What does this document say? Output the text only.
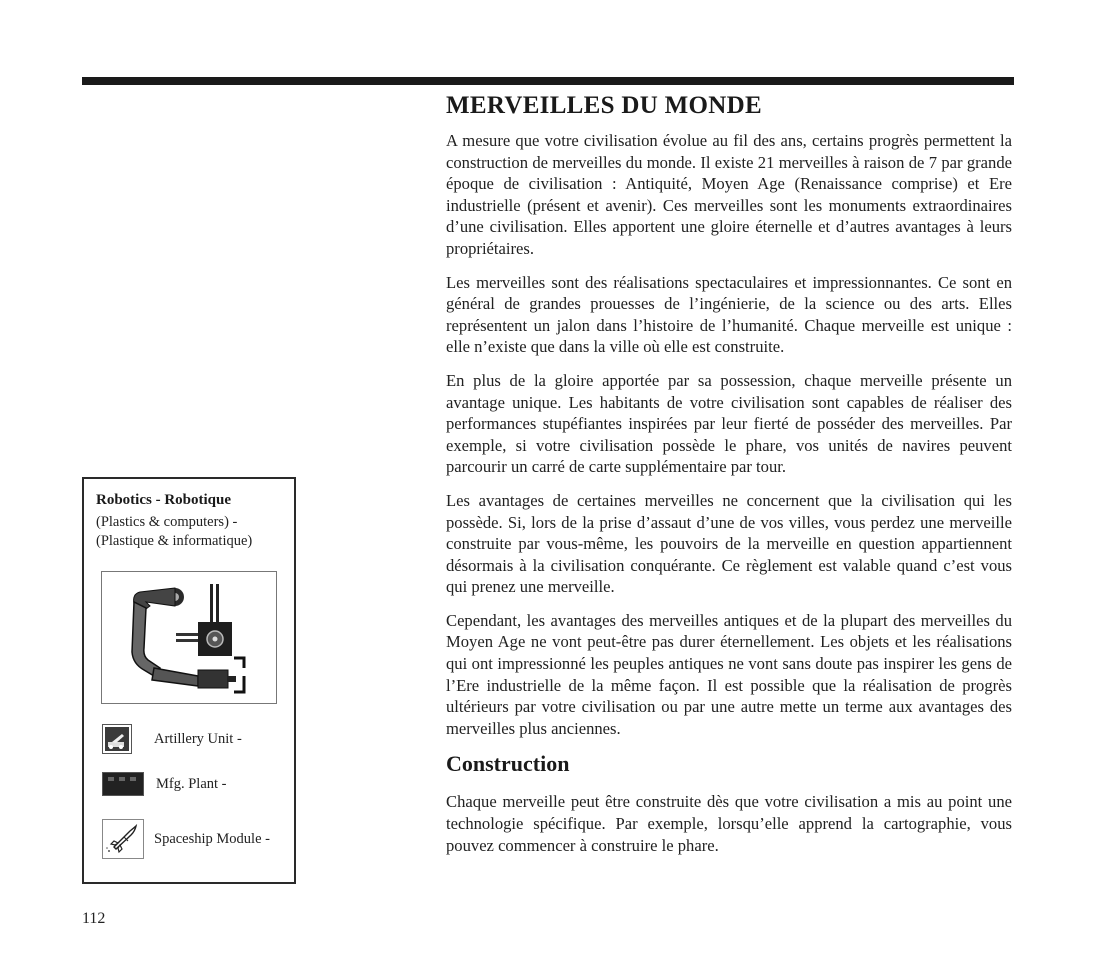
MERVEILLES DU MONDE

A mesure que votre civilisation évolue au fil des ans, certains progrès permettent la construction de merveilles du monde. Il existe 21 merveilles à raison de 7 par grande époque de civilisation : Antiquité, Moyen Age (Renaissance comprise) et Ere industrielle (présent et avenir). Ces merveilles sont les monuments extraordinaires d’une civilisation. Elles apportent une gloire éternelle et d’autres avantages à leurs propriétaires.

Les merveilles sont des réalisations spectaculaires et impressionnantes. Ce sont en général de grandes prouesses de l’ingénierie, de la science ou des arts. Elles représentent un jalon dans l’histoire de l’humanité. Chaque merveille est unique : elle n’existe que dans la ville où elle est construite.

En plus de la gloire apportée par sa possession, chaque merveille présente un avantage unique. Les habitants de votre civilisation sont capables de réaliser des performances stupéfiantes inspirées par leur fierté de posséder des merveilles. Par exemple, si votre civilisation possède le phare, vos unités de navires peuvent parcourir un carré de carte supplémentaire par tour.

Les avantages de certaines merveilles ne concernent que la civilisation qui les possède. Si, lors de la prise d’assaut d’une de vos villes, vous perdez une merveille construite par vous-même, les pouvoirs de la merveille en question appartiennent désormais à la civilisation conquérante. Ce règlement est valable quand c’est vous qui prenez une merveille.

Cependant, les avantages des merveilles antiques et de la plupart des merveilles du Moyen Age ne vont peut-être pas durer éternellement. Les objets et les réalisations qui ont impressionné les peuples antiques ne vont sans doute pas inspirer les gens de l’Ere industrielle de la même façon. Il est possible que la réalisation de progrès ultérieurs par votre civilisation ou par une autre mette un terme aux avantages des merveilles plus anciennes.

Construction

Chaque merveille peut être construite dès que votre civilisation a mis au point une technologie spécifique. Par exemple, lorsqu’elle apprend la cartographie, vous pouvez commencer à construire le phare.

Robotics - Robotique
(Plastics & computers) -
(Plastique & informatique)
Artillery Unit -
Mfg. Plant -
Spaceship Module -
112
